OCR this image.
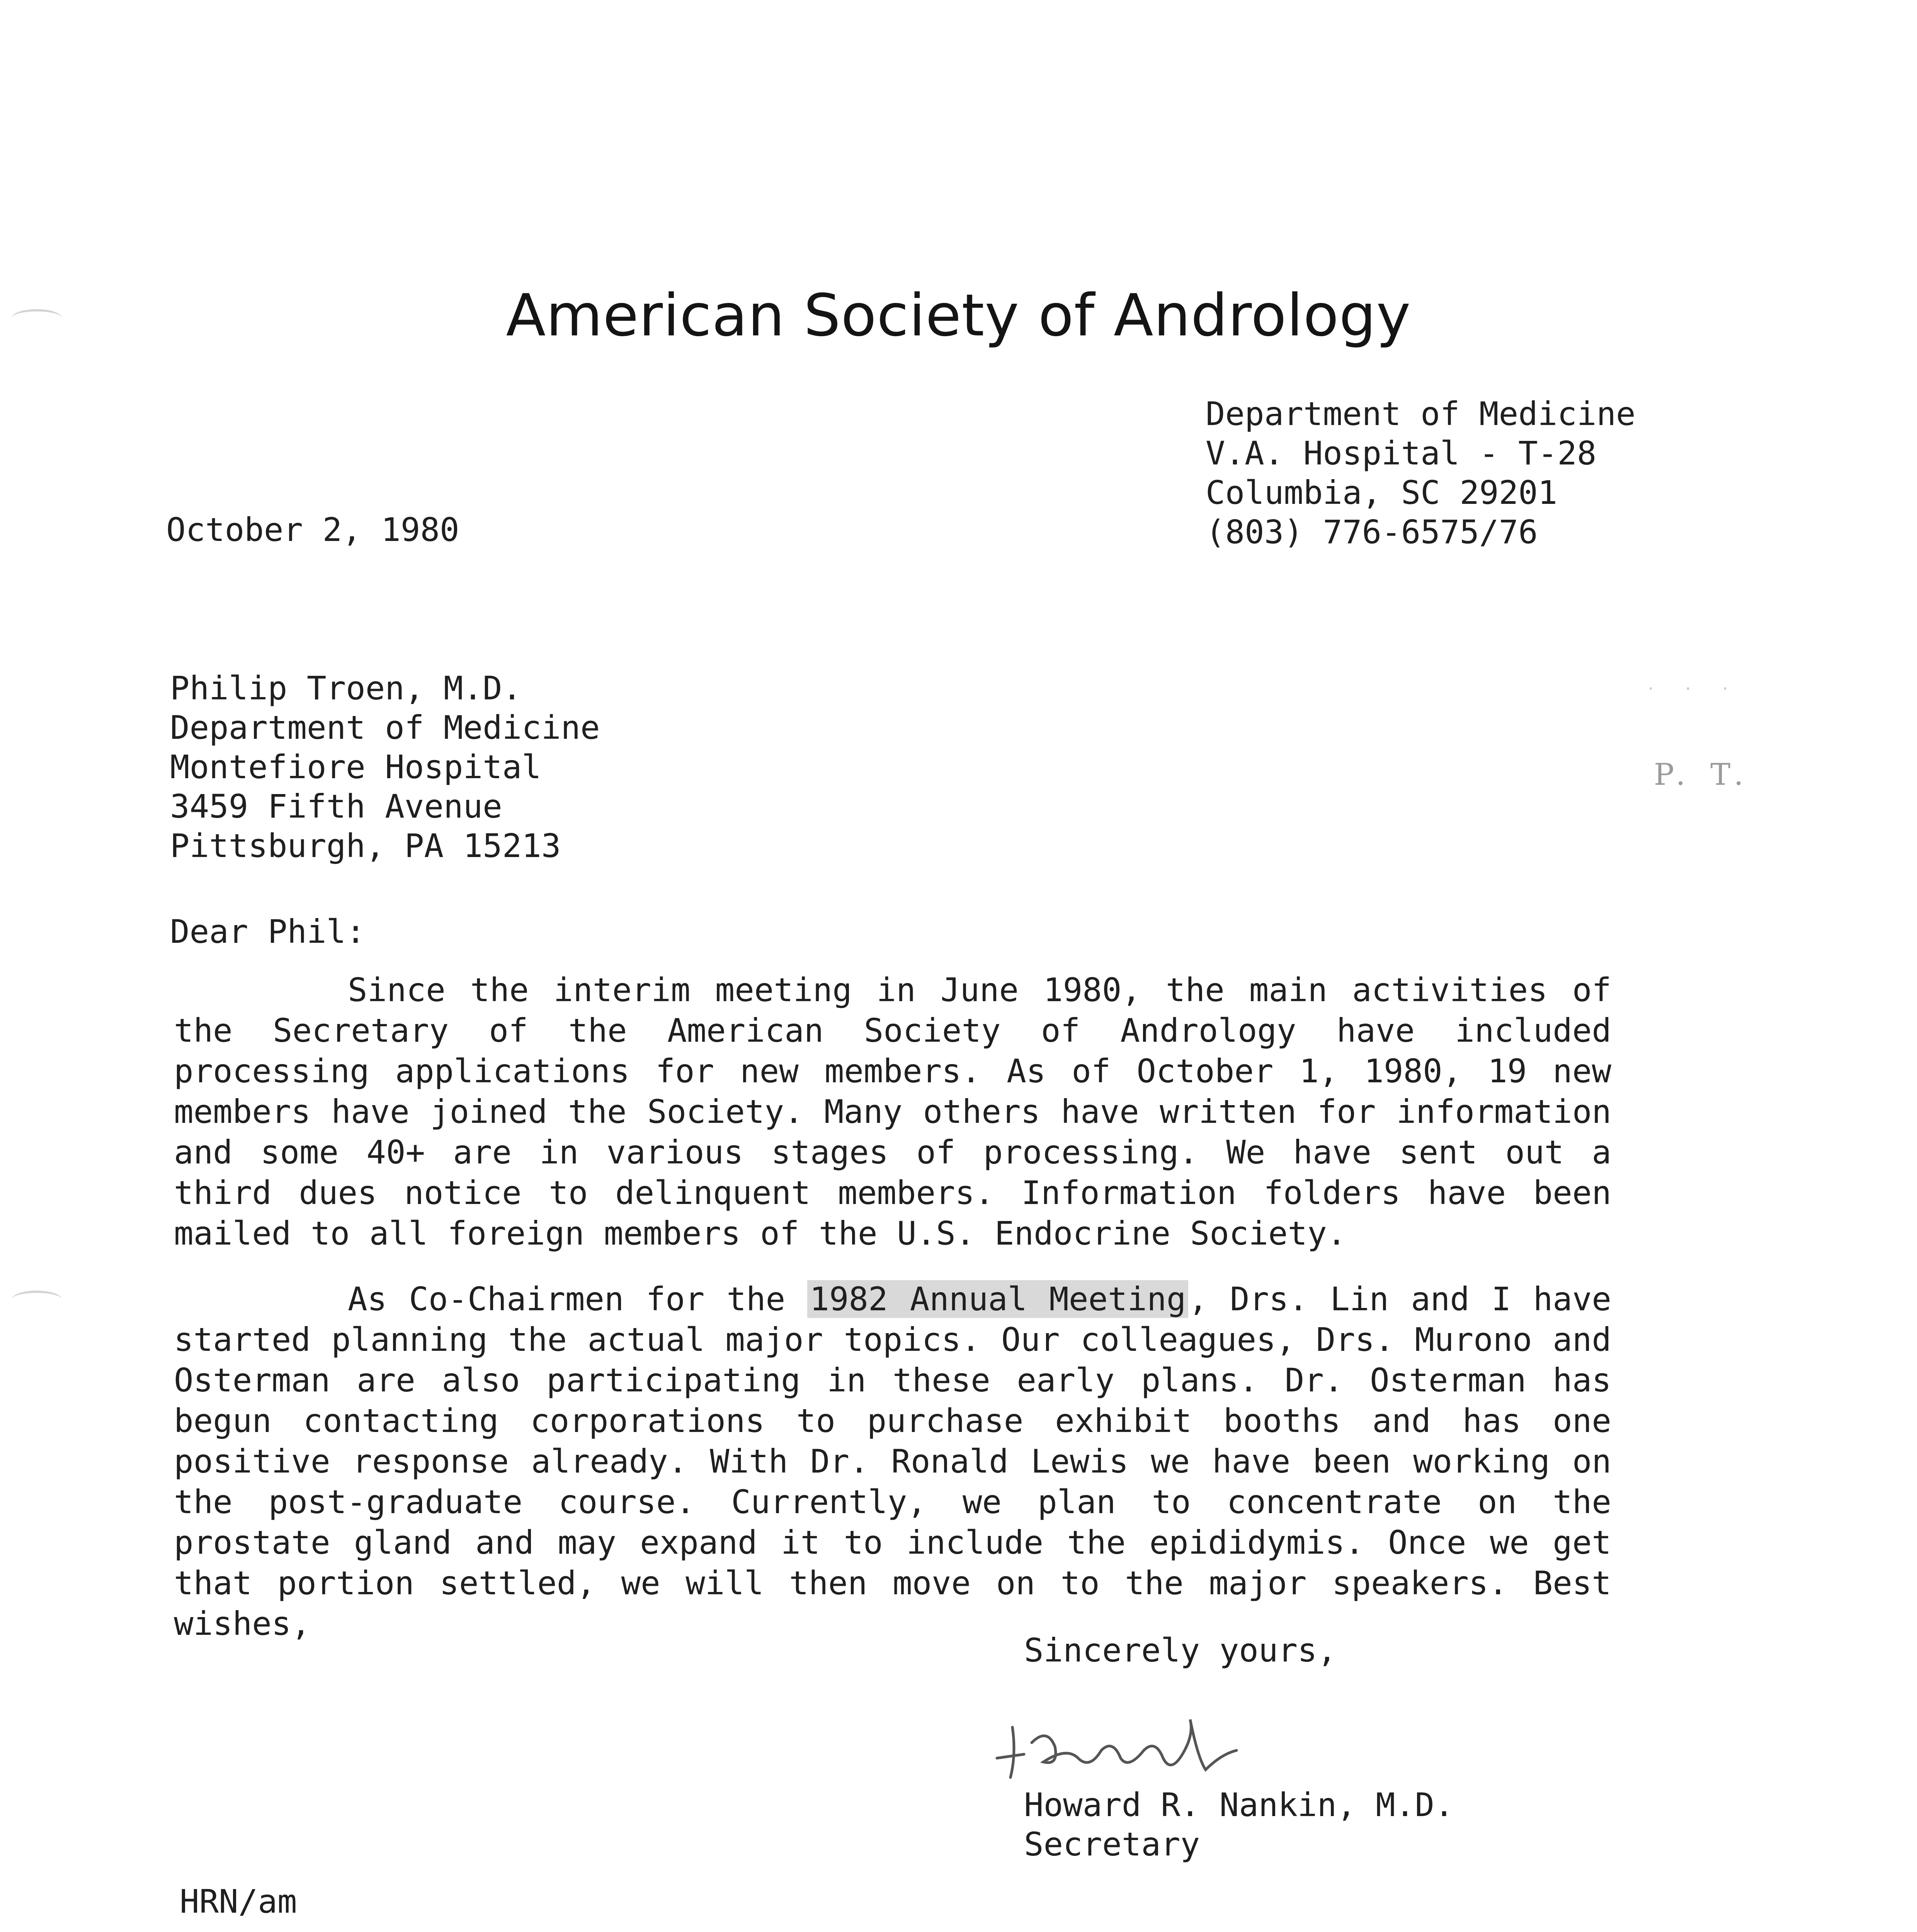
American Society of Andrology

Department of Medicine

V.A. Hospital - T-28

Columbia, SC 29201

(803) 776-6575/76

October 2, 1980

Philip Troen, M.D.

Department of Medicine

Montefiore Hospital

3459 Fifth Avenue

Pittsburgh, PA 15213

P. T.
·   ·   ·
Dear Phil:
Since the interim meeting in June 1980, the main activities of the Secretary of the American Society of Andrology have included processing applications for new members. As of October 1, 1980, 19 new members have joined the Society. Many others have written for information and some 40+ are in various stages of processing. We have sent out a third dues notice to delinquent members. Information folders have been mailed to all foreign members of the U.S. Endocrine Society.
As Co-Chairmen for the 1982 Annual Meeting, Drs. Lin and I have started planning the actual major topics. Our colleagues, Drs. Murono and Osterman are also participating in these early plans. Dr. Osterman has begun contacting corporations to purchase exhibit booths and has one positive response already. With Dr. Ronald Lewis we have been working on the post-graduate course. Currently, we plan to concentrate on the prostate gland and may expand it to include the epididymis. Once we get that portion settled, we will then move on to the major speakers. Best wishes,
Sincerely yours,

Howard R. Nankin, M.D.

Secretary

HRN/am
